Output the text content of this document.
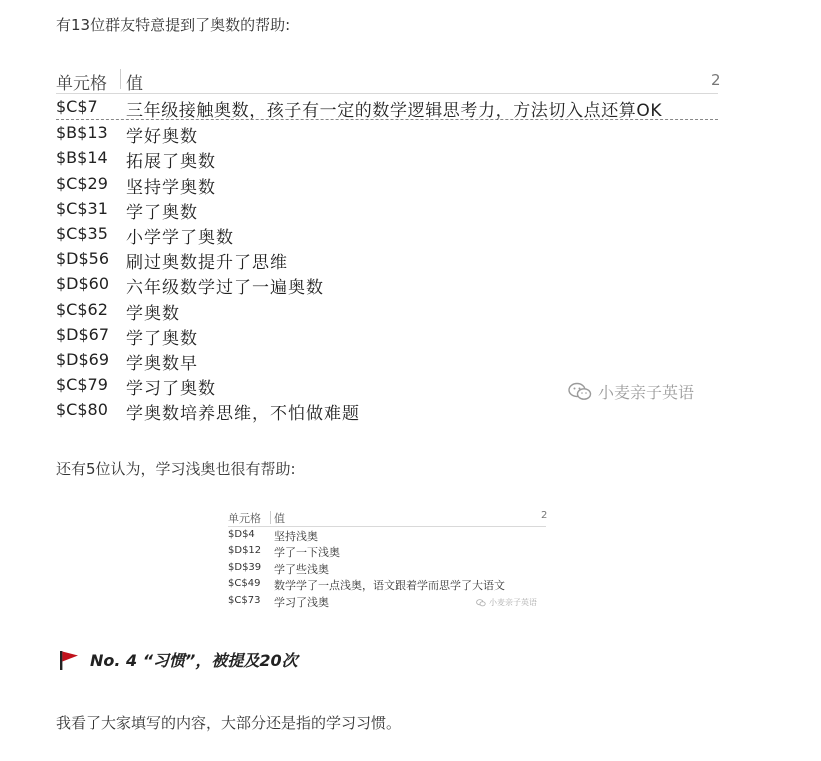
有13位群友特意提到了奥数的帮助:
单元格 值	2
$C$7 三年级接触奥数，孩子有一定的数学逻辑思考力，方法切入点还算OK
$B$13 学好奥数
$B$14 拓展了奥数
$C$29 坚持学奥数
$C$31 学了奥数
$C$35 小学学了奥数
$D$56 刷过奥数提升了思维
$D$60 六年级数学过了一遍奥数
$C$62 学奥数
$D$67 学了奥数
$D$69 学奥数早
$C$79 学习了奥数
$C$80 学奥数培养思维，不怕做难题
小麦亲子英语
还有5位认为，学习浅奥也很有帮助:
单元格 值	2
$D$4 坚持浅奥
$D$12 学了一下浅奥
$D$39 学了些浅奥
$C$49 数学学了一点浅奥，语文跟着学而思学了大语文
$C$73 学习了浅奥	小麦亲子英语
No. 4 “习惯”，被提及20次
我看了大家填写的内容，大部分还是指的学习习惯。
